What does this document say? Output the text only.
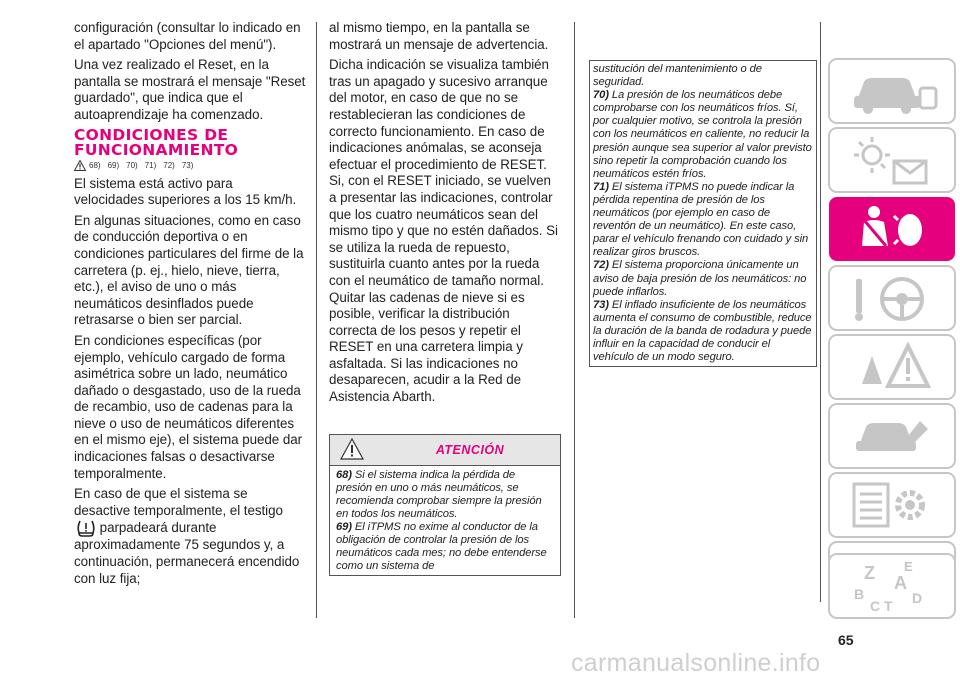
configuración (consultar lo indicado en el apartado "Opciones del menú").

Una vez realizado el Reset, en la pantalla se mostrará el mensaje "Reset guardado", que indica que el autoaprendizaje ha comenzado.

CONDICIONES DE FUNCIONAMIENTO
68) 69) 70) 71) 72) 73)

El sistema está activo para velocidades superiores a los 15 km/h.

En algunas situaciones, como en caso de conducción deportiva o en condiciones particulares del firme de la carretera (p. ej., hielo, nieve, tierra, etc.), el aviso de uno o más neumáticos desinflados puede retrasarse o bien ser parcial.

En condiciones específicas (por ejemplo, vehículo cargado de forma asimétrica sobre un lado, neumático dañado o desgastado, uso de la rueda de recambio, uso de cadenas para la nieve o uso de neumáticos diferentes en el mismo eje), el sistema puede dar indicaciones falsas o desactivarse temporalmente.

En caso de que el sistema se desactive temporalmente, el testigo  parpadeará durante aproximadamente 75 segundos y, a continuación, permanecerá encendido con luz fija;

al mismo tiempo, en la pantalla se mostrará un mensaje de advertencia.

Dicha indicación se visualiza también tras un apagado y sucesivo arranque del motor, en caso de que no se restablecieran las condiciones de correcto funcionamiento. En caso de indicaciones anómalas, se aconseja efectuar el procedimiento de RESET. Si, con el RESET iniciado, se vuelven a presentar las indicaciones, controlar que los cuatro neumáticos sean del mismo tipo y que no estén dañados. Si se utiliza la rueda de repuesto, sustituirla cuanto antes por la rueda con el neumático de tamaño normal. Quitar las cadenas de nieve si es posible, verificar la distribución correcta de los pesos y repetir el RESET en una carretera limpia y asfaltada. Si las indicaciones no desaparecen, acudir a la Red de Asistencia Abarth.

ATENCIÓN

68) Si el sistema indica la pérdida de presión en uno o más neumáticos, se recomienda comprobar siempre la presión en todos los neumáticos.

69) El iTPMS no exime al conductor de la obligación de controlar la presión de los neumáticos cada mes; no debe entenderse como un sistema de

sustitución del mantenimiento o de seguridad.

70) La presión de los neumáticos debe comprobarse con los neumáticos fríos. Sí, por cualquier motivo, se controla la presión con los neumáticos en caliente, no reducir la presión aunque sea superior al valor previsto sino repetir la comprobación cuando los neumáticos estén fríos.

71) El sistema iTPMS no puede indicar la pérdida repentina de presión de los neumáticos (por ejemplo en caso de reventón de un neumático). En este caso, parar el vehículo frenando con cuidado y sin realizar giros bruscos.

72) El sistema proporciona únicamente un aviso de baja presión de los neumáticos: no puede inflarlos.

73) El inflado insuficiente de los neumáticos aumenta el consumo de combustible, reduce la duración de la banda de rodadura y puede influir en la capacidad de conducir el vehículo de un modo seguro.

Z E
A
B
C T D
65
carmanualsonline.info
